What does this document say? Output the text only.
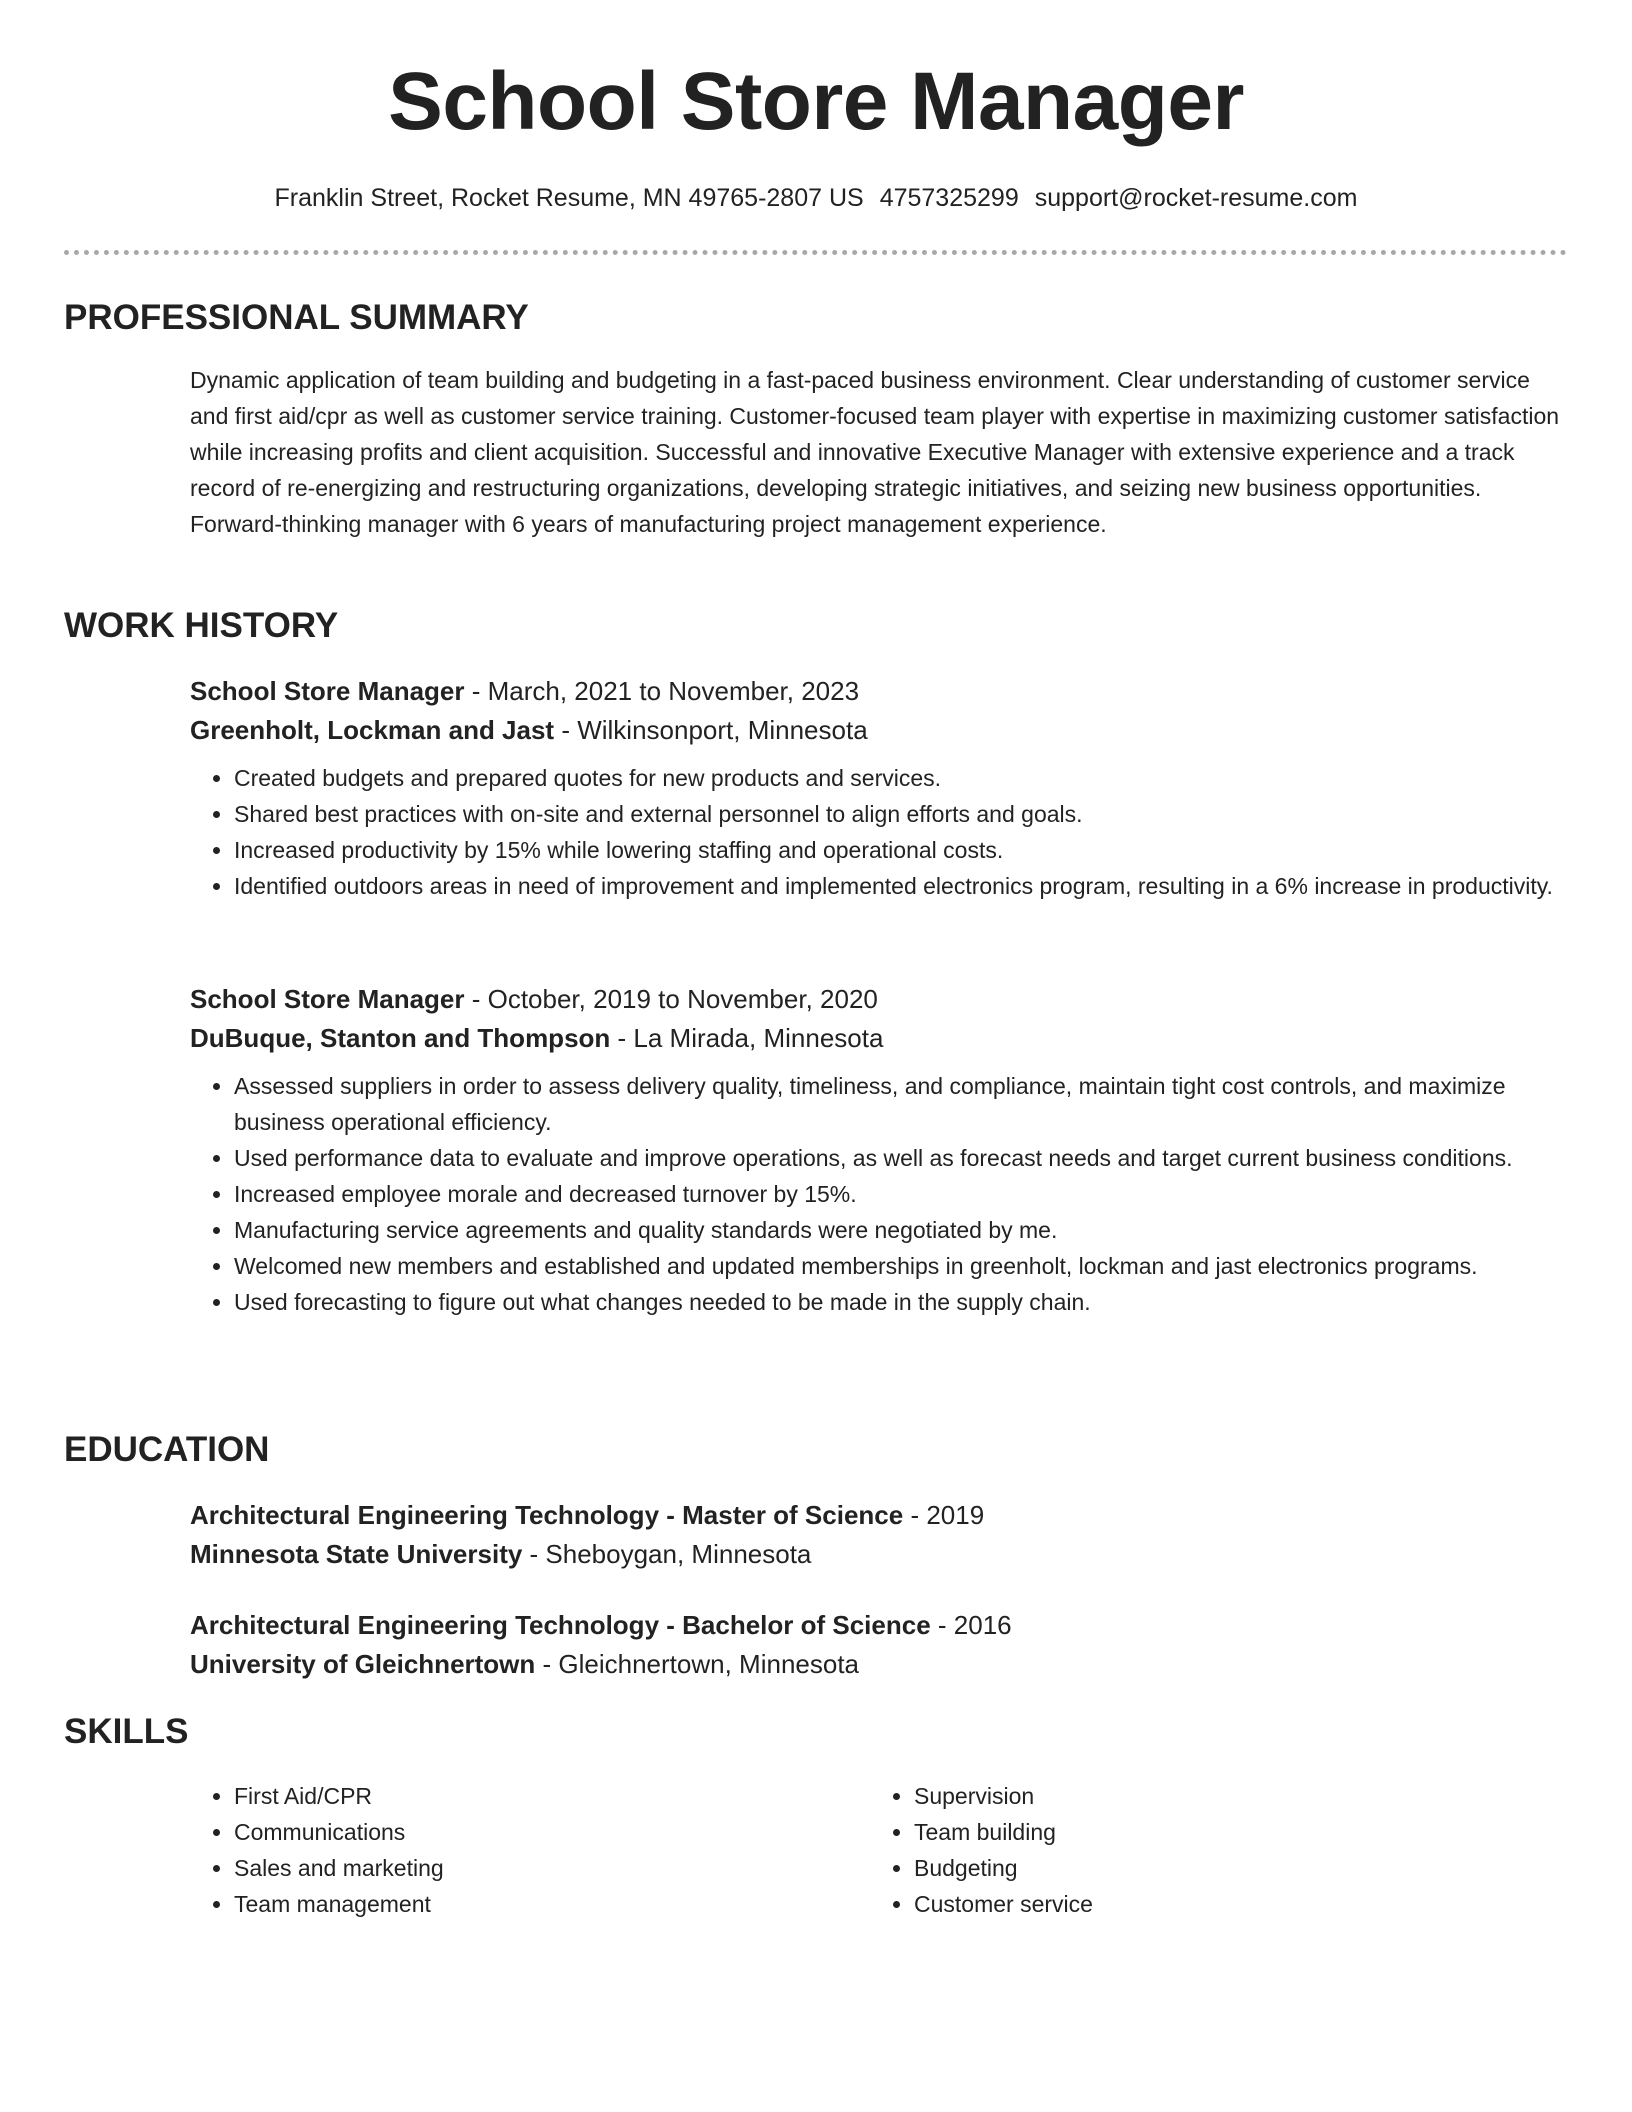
School Store Manager
Franklin Street, Rocket Resume, MN 49765-2807 US 4757325299 support@rocket-resume.com
PROFESSIONAL SUMMARY
Dynamic application of team building and budgeting in a fast-paced business environment. Clear understanding of customer service and first aid/cpr as well as customer service training. Customer-focused team player with expertise in maximizing customer satisfaction while increasing profits and client acquisition. Successful and innovative Executive Manager with extensive experience and a track record of re-energizing and restructuring organizations, developing strategic initiatives, and seizing new business opportunities. Forward-thinking manager with 6 years of manufacturing project management experience.
WORK HISTORY
School Store Manager - March, 2021 to November, 2023
Greenholt, Lockman and Jast - Wilkinsonport, Minnesota
• Created budgets and prepared quotes for new products and services.
• Shared best practices with on-site and external personnel to align efforts and goals.
• Increased productivity by 15% while lowering staffing and operational costs.
• Identified outdoors areas in need of improvement and implemented electronics program, resulting in a 6% increase in productivity.
School Store Manager - October, 2019 to November, 2020
DuBuque, Stanton and Thompson - La Mirada, Minnesota
• Assessed suppliers in order to assess delivery quality, timeliness, and compliance, maintain tight cost controls, and maximize business operational efficiency.
• Used performance data to evaluate and improve operations, as well as forecast needs and target current business conditions.
• Increased employee morale and decreased turnover by 15%.
• Manufacturing service agreements and quality standards were negotiated by me.
• Welcomed new members and established and updated memberships in greenholt, lockman and jast electronics programs.
• Used forecasting to figure out what changes needed to be made in the supply chain.
EDUCATION
Architectural Engineering Technology - Master of Science - 2019
Minnesota State University - Sheboygan, Minnesota
Architectural Engineering Technology - Bachelor of Science - 2016
University of Gleichnertown - Gleichnertown, Minnesota
SKILLS
• First Aid/CPR
• Communications
• Sales and marketing
• Team management
• Supervision
• Team building
• Budgeting
• Customer service
